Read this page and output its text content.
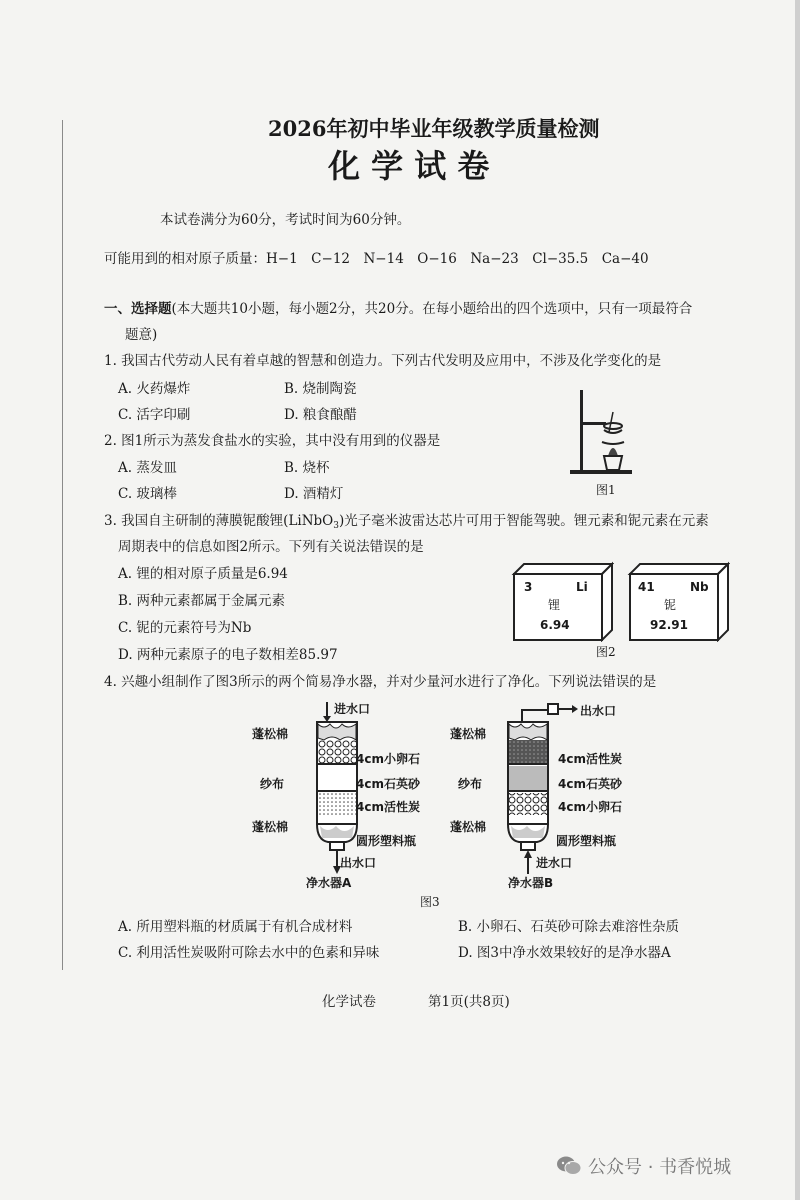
2026年初中毕业年级教学质量检测
化 学 试 卷
本试卷满分为60分，考试时间为60分钟。
可能用到的相对原子质量：H−1　C−12　N−14　O−16　Na−23　Cl−35.5　Ca−40
一、选择题(本大题共10小题，每小题2分，共20分。在每小题给出的四个选项中，只有一项最符合
题意)
1. 我国古代劳动人民有着卓越的智慧和创造力。下列古代发明及应用中，不涉及化学变化的是
A. 火药爆炸	B. 烧制陶瓷
C. 活字印刷	D. 粮食酿醋
2. 图1所示为蒸发食盐水的实验，其中没有用到的仪器是
A. 蒸发皿	B. 烧杯
C. 玻璃棒	D. 酒精灯	图1
3. 我国自主研制的薄膜铌酸锂(LiNbO$_3$)光子毫米波雷达芯片可用于智能驾驶。锂元素和铌元素在元素
周期表中的信息如图2所示。下列有关说法错误的是
A. 锂的相对原子质量是6.94
B. 两种元素都属于金属元素
C. 铌的元素符号为Nb
D. 两种元素原子的电子数相差85.97
3	Li
锂
6.94
41	Nb
铌
92.91
图2
4. 兴趣小组制作了图3所示的两个简易净水器，并对少量河水进行了净化。下列说法错误的是
进水口
蓬松棉
4cm小卵石
纱布	4cm石英砂
4cm活性炭
蓬松棉
圆形塑料瓶
出水口
净水器A
出水口
蓬松棉
4cm活性炭
纱布	4cm石英砂
4cm小卵石
蓬松棉
圆形塑料瓶
进水口
净水器B
图3
A. 所用塑料瓶的材质属于有机合成材料	B. 小卵石、石英砂可除去难溶性杂质
C. 利用活性炭吸附可除去水中的色素和异味	D. 图3中净水效果较好的是净水器A
化学试卷	第1页(共8页)
公众号 · 书香悦城
